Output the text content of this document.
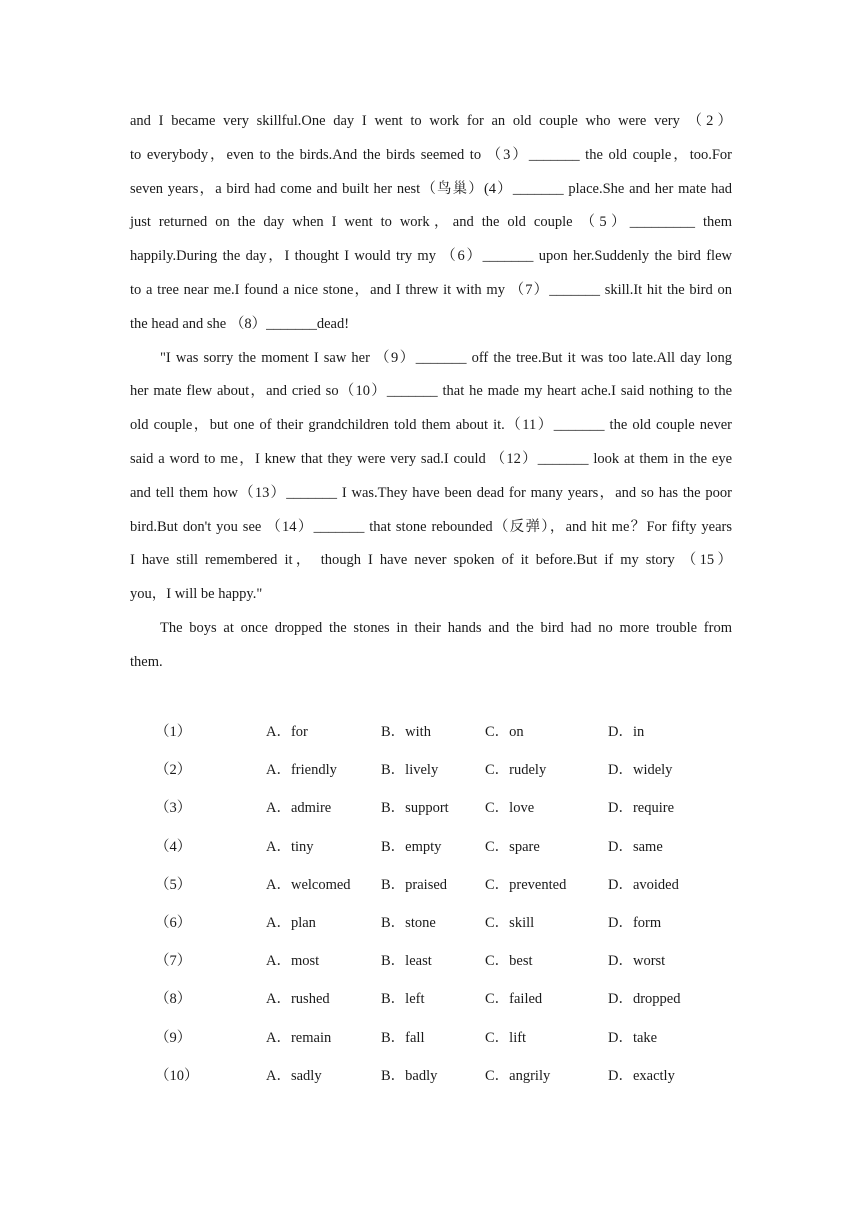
and I became very skillful.One day I went to work for an old couple who were very （2）
to everybody，even to the birds.And the birds seemed to （3）_______ the old couple，too.For
seven years，a bird had come and built her nest（鸟巢）(4）_______ place.She and her mate had
just returned on the day when I went to work，and the old couple （5）_________ them
happily.During the day，I thought I would try my （6）_______ upon her.Suddenly the bird flew
to a tree near me.I found a nice stone，and I threw it with my （7）_______ skill.It hit the bird on
the head and she （8）_______dead!
"I was sorry the moment I saw her （9）_______ off the tree.But it was too late.All day long
her mate flew about，and cried so（10）_______ that he made my heart ache.I said nothing to the
old couple，but one of their grandchildren told them about it.（11）_______ the old couple never
said a word to me，I knew that they were very sad.I could （12）_______ look at them in the eye
and tell them how（13）_______ I was.They have been dead for many years，and so has the poor
bird.But don't you see （14）_______ that stone rebounded（反弹），and hit me？For fifty years
I have still remembered it， though I have never spoken of it before.But if my story （15）
you，I will be happy."
The boys at once dropped the stones in their hands and the bird had no more trouble from
them.
（1）	A．for	B．with	C．on	D．in
（2）	A．friendly	B．lively	C．rudely	D．widely
（3）	A．admire	B．support	C．love	D．require
（4）	A．tiny	B．empty	C．spare	D．same
（5）	A．welcomed B．praised	C．prevented	D．avoided
（6）	A．plan	B．stone	C．skill	D．form
（7）	A．most	B．least	C．best	D．worst
（8）	A．rushed	B．left	C．failed	D．dropped
（9）	A．remain	B．fall	C．lift	D．take
（10）	A．sadly	B．badly	C．angrily	D．exactly
